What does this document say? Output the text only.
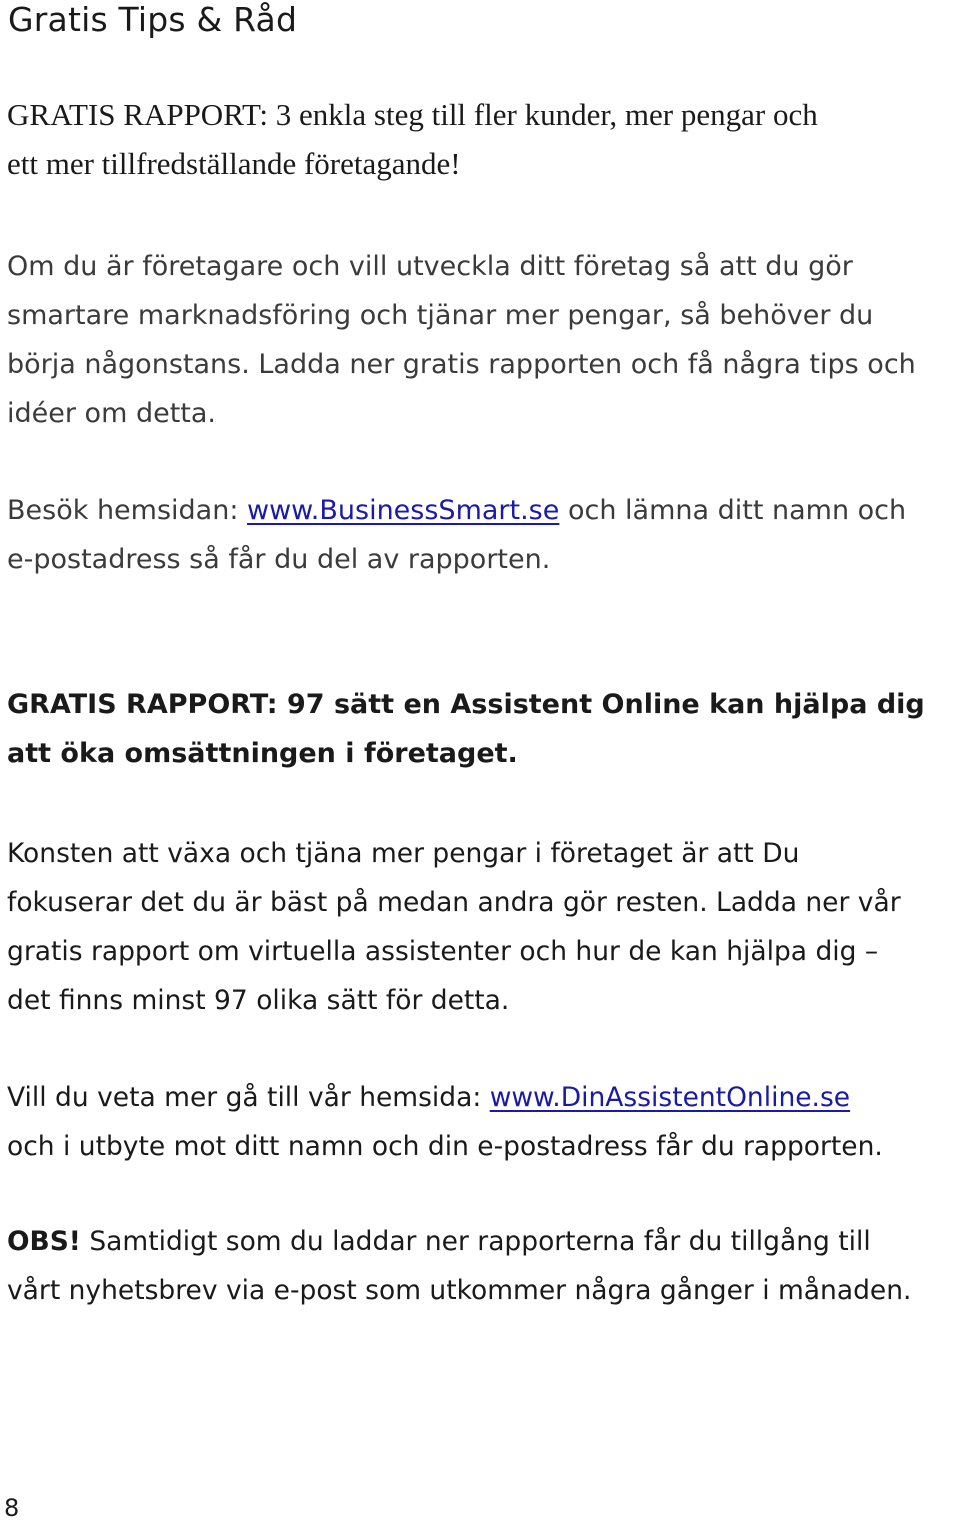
Gratis Tips & Råd

GRATIS RAPPORT: 3 enkla steg till fler kunder, mer pengar och
ett mer tillfredställande företagande!

Om du är företagare och vill utveckla ditt företag så att du gör
smartare marknadsföring och tjänar mer pengar, så behöver du
börja någonstans. Ladda ner gratis rapporten och få några tips och
idéer om detta.

Besök hemsidan: www.BusinessSmart.se och lämna ditt namn och
e-postadress så får du del av rapporten.

GRATIS RAPPORT: 97 sätt en Assistent Online kan hjälpa dig
att öka omsättningen i företaget.

Konsten att växa och tjäna mer pengar i företaget är att Du
fokuserar det du är bäst på medan andra gör resten. Ladda ner vår
gratis rapport om virtuella assistenter och hur de kan hjälpa dig –
det finns minst 97 olika sätt för detta.

Vill du veta mer gå till vår hemsida: www.DinAssistentOnline.se
och i utbyte mot ditt namn och din e-postadress får du rapporten.

OBS! Samtidigt som du laddar ner rapporterna får du tillgång till
vårt nyhetsbrev via e-post som utkommer några gånger i månaden.

8
